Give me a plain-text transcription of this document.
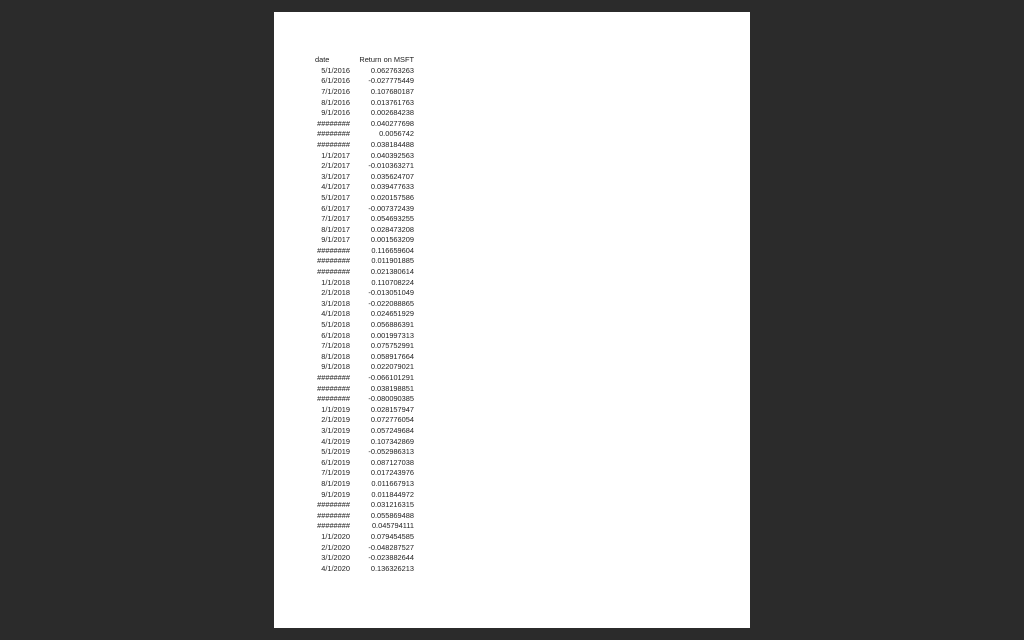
date	Return on MSFT
5/1/2016	0.062763263
6/1/2016	-0.027775449
7/1/2016	0.107680187
8/1/2016	0.013761763
9/1/2016	0.002684238
########	0.040277698
########	0.0056742
########	0.038184488
1/1/2017	0.040392563
2/1/2017	-0.010363271
3/1/2017	0.035624707
4/1/2017	0.039477633
5/1/2017	0.020157586
6/1/2017	-0.007372439
7/1/2017	0.054693255
8/1/2017	0.028473208
9/1/2017	0.001563209
########	0.116659604
########	0.011901885
########	0.021380614
1/1/2018	0.110708224
2/1/2018	-0.013051049
3/1/2018	-0.022088865
4/1/2018	0.024651929
5/1/2018	0.056886391
6/1/2018	0.001997313
7/1/2018	0.075752991
8/1/2018	0.058917664
9/1/2018	0.022079021
########	-0.066101291
########	0.038198851
########	-0.080090385
1/1/2019	0.028157947
2/1/2019	0.072776054
3/1/2019	0.057249684
4/1/2019	0.107342869
5/1/2019	-0.052986313
6/1/2019	0.087127038
7/1/2019	0.017243976
8/1/2019	0.011667913
9/1/2019	0.011844972
########	0.031216315
########	0.055869488
########	0.045794111
1/1/2020	0.079454585
2/1/2020	-0.048287527
3/1/2020	-0.023882644
4/1/2020	0.136326213
